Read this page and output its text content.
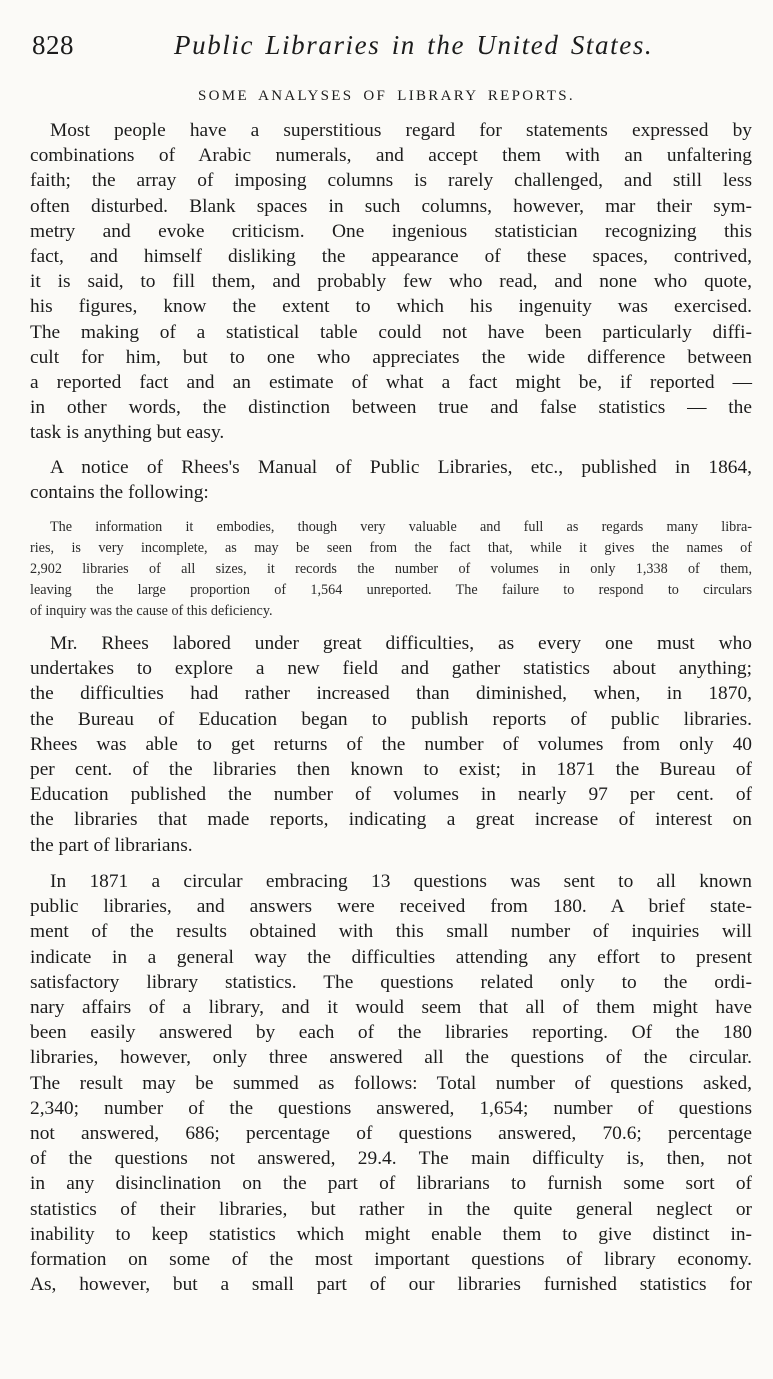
828	Public Libraries in the United States.
SOME ANALYSES OF LIBRARY REPORTS.
Most people have a superstitious regard for statements expressed by
combinations of Arabic numerals, and accept them with an unfaltering
faith; the array of imposing columns is rarely challenged, and still less
often disturbed. Blank spaces in such columns, however, mar their sym-
metry and evoke criticism. One ingenious statistician recognizing this
fact, and himself disliking the appearance of these spaces, contrived,
it is said, to fill them, and probably few who read, and none who quote,
his figures, know the extent to which his ingenuity was exercised.
The making of a statistical table could not have been particularly diffi-
cult for him, but to one who appreciates the wide difference between
a reported fact and an estimate of what a fact might be, if reported —
in other words, the distinction between true and false statistics — the
task is anything but easy.
A notice of Rhees's Manual of Public Libraries, etc., published in 1864,
contains the following:
The information it embodies, though very valuable and full as regards many libra-
ries, is very incomplete, as may be seen from the fact that, while it gives the names of
2,902 libraries of all sizes, it records the number of volumes in only 1,338 of them,
leaving the large proportion of 1,564 unreported. The failure to respond to circulars
of inquiry was the cause of this deficiency.
Mr. Rhees labored under great difficulties, as every one must who
undertakes to explore a new field and gather statistics about anything;
the difficulties had rather increased than diminished, when, in 1870,
the Bureau of Education began to publish reports of public libraries.
Rhees was able to get returns of the number of volumes from only 40
per cent. of the libraries then known to exist; in 1871 the Bureau of
Education published the number of volumes in nearly 97 per cent. of
the libraries that made reports, indicating a great increase of interest on
the part of librarians.
In 1871 a circular embracing 13 questions was sent to all known
public libraries, and answers were received from 180. A brief state-
ment of the results obtained with this small number of inquiries will
indicate in a general way the difficulties attending any effort to present
satisfactory library statistics. The questions related only to the ordi-
nary affairs of a library, and it would seem that all of them might have
been easily answered by each of the libraries reporting. Of the 180
libraries, however, only three answered all the questions of the circular.
The result may be summed as follows: Total number of questions asked,
2,340; number of the questions answered, 1,654; number of questions
not answered, 686; percentage of questions answered, 70.6; percentage
of the questions not answered, 29.4. The main difficulty is, then, not
in any disinclination on the part of librarians to furnish some sort of
statistics of their libraries, but rather in the quite general neglect or
inability to keep statistics which might enable them to give distinct in-
formation on some of the most important questions of library economy.
As, however, but a small part of our libraries furnished statistics for
